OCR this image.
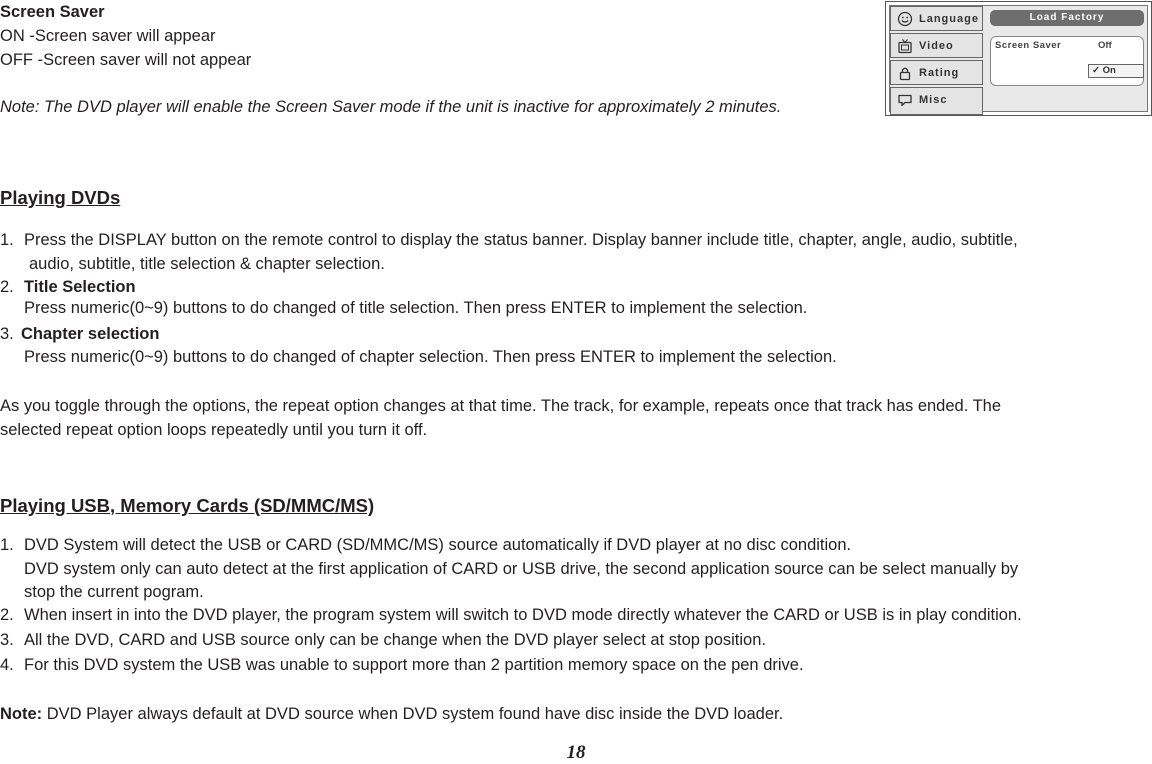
Screen Saver

ON -Screen saver will appear

OFF -Screen saver will not appear

Note: The DVD player will enable the Screen Saver mode if the unit is inactive for approximately 2 minutes.

Language
Video
Rating
Misc
Load Factory
Screen Saver	Off
✓ On

Playing DVDs

1. Press the DISPLAY button on the remote control to display the status banner. Display banner include title, chapter, angle, audio, subtitle,

audio, subtitle, title selection & chapter selection.

2. Title Selection

Press numeric(0~9) buttons to do changed of title selection. Then press ENTER to implement the selection.

3. Chapter selection

Press numeric(0~9) buttons to do changed of chapter selection. Then press ENTER to implement the selection.

As you toggle through the options, the repeat option changes at that time. The track, for example, repeats once that track has ended. The

selected repeat option loops repeatedly until you turn it off.

Playing USB, Memory Cards (SD/MMC/MS)

1. DVD System will detect the USB or CARD (SD/MMC/MS) source automatically if DVD player at no disc condition.

DVD system only can auto detect at the first application of CARD or USB drive, the second application source can be select manually by

stop the current pogram.

2. When insert in into the DVD player, the program system will switch to DVD mode directly whatever the CARD or USB is in play condition.

3. All the DVD, CARD and USB source only can be change when the DVD player select at stop position.

4. For this DVD system the USB was unable to support more than 2 partition memory space on the pen drive.

Note: DVD Player always default at DVD source when DVD system found have disc inside the DVD loader.

18
